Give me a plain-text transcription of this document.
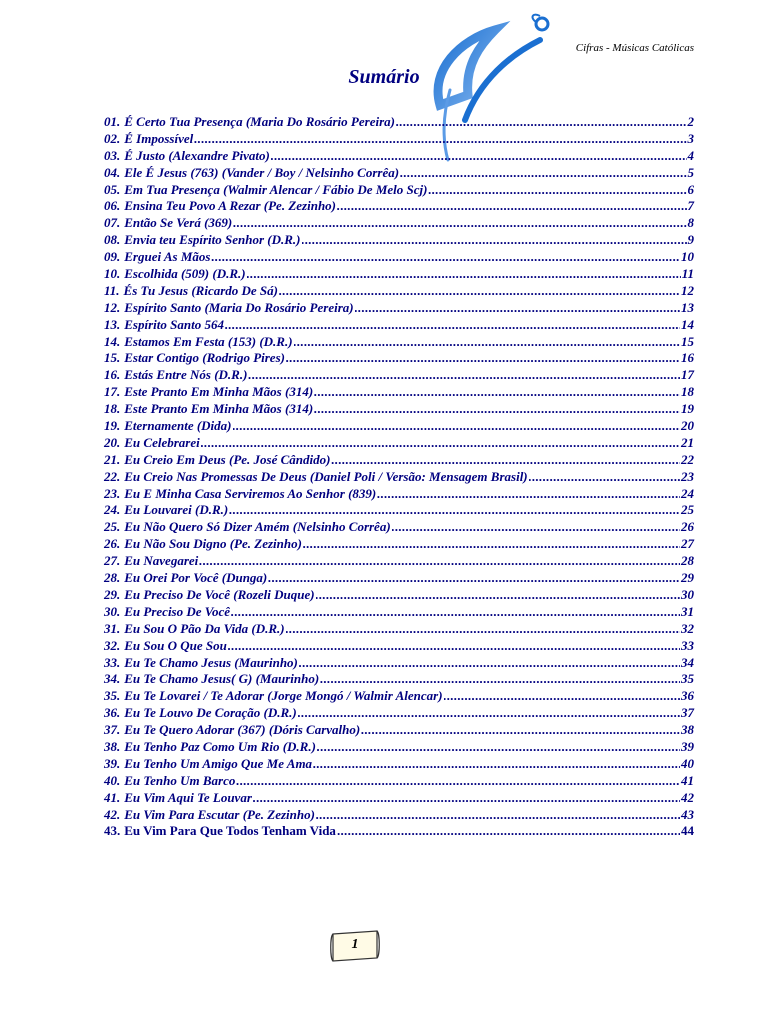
Cifras - Músicas Católicas
Sumário
01. É Certo Tua Presença (Maria Do Rosário Pereira) .....	2
02. É Impossível .....	3
03. É Justo (Alexandre Pivato) .....	4
04. Ele É Jesus (763) (Vander / Boy / Nelsinho Corrêa) .....	5
05. Em Tua Presença (Walmir Alencar / Fábio De Melo Scj) .....	6
06. Ensina Teu Povo A Rezar (Pe. Zezinho) .....	7
07. Então Se Verá (369) .....	8
08. Envia teu Espírito Senhor (D.R.) .....	9
09. Erguei As Mãos .....	10
10. Escolhida (509) (D.R.) .....	11
11. És Tu Jesus (Ricardo De Sá) .....	12
12. Espírito Santo (Maria Do Rosário Pereira) .....	13
13. Espírito Santo 564 .....	14
14. Estamos Em Festa (153) (D.R.) .....	15
15. Estar Contigo (Rodrigo Pires) .....	16
16. Estás Entre Nós (D.R.) .....	17
17. Este Pranto Em Minha Mãos (314) .....	18
18. Este Pranto Em Minha Mãos (314) .....	19
19. Eternamente (Dida) .....	20
20. Eu Celebrarei .....	21
21. Eu Creio Em Deus (Pe. José Cândido) .....	22
22. Eu Creio Nas Promessas De Deus (Daniel Poli / Versão: Mensagem Brasil) .....	23
23. Eu E Minha Casa Serviremos Ao Senhor (839) .....	24
24. Eu Louvarei (D.R.) .....	25
25. Eu Não Quero Só Dizer Amém (Nelsinho Corrêa) .....	26
26. Eu Não Sou Digno (Pe. Zezinho) .....	27
27. Eu Navegarei .....	28
28. Eu Orei Por Você (Dunga) .....	29
29. Eu Preciso De Você (Rozeli Duque) .....	30
30. Eu Preciso De Você .....	31
31. Eu Sou O Pão Da Vida (D.R.) .....	32
32. Eu Sou O Que Sou .....	33
33. Eu Te Chamo Jesus (Maurinho) .....	34
34. Eu Te Chamo Jesus( G) (Maurinho) .....	35
35. Eu Te Lovarei / Te Adorar (Jorge Mongó / Walmir Alencar) .....	36
36. Eu Te Louvo De Coração (D.R.) .....	37
37. Eu Te Quero Adorar (367) (Dóris Carvalho) .....	38
38. Eu Tenho Paz Como Um Rio (D.R.) .....	39
39. Eu Tenho Um Amigo Que Me Ama .....	40
40. Eu Tenho Um Barco .....	41
41. Eu Vim Aqui Te Louvar .....	42
42. Eu Vim Para Escutar (Pe. Zezinho) .....	43
43. Eu Vim Para Que Todos Tenham Vida .....	44
1
